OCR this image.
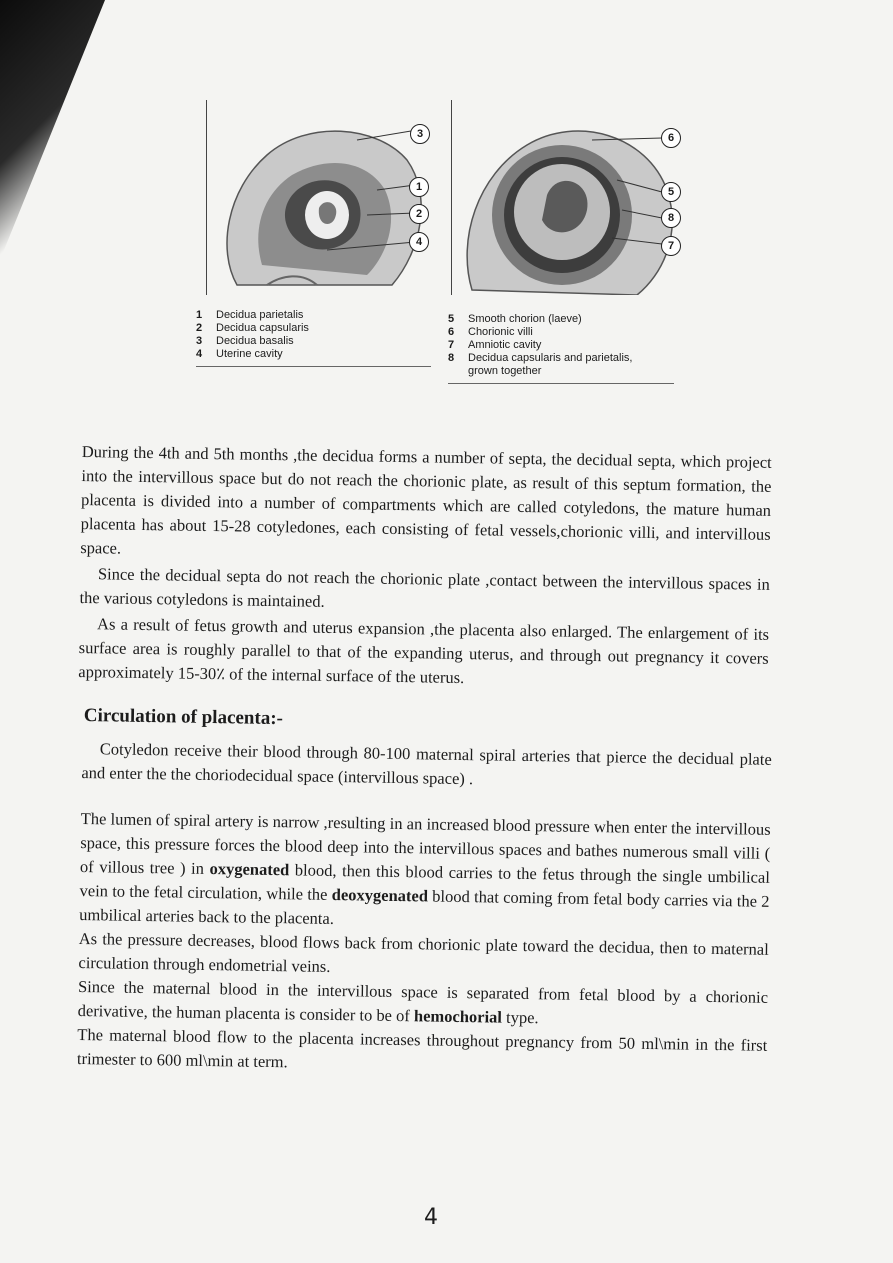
3
1
2
4
6
5
8
7
1	Decidua parietalis
2	Decidua capsularis
3	Decidua basalis
4	Uterine cavity
5	Smooth chorion (laeve)
6	Chorionic villi
7	Amniotic cavity
8	Decidua capsularis and parietalis,
grown together

During the 4th and 5th months ,the decidua forms a number of septa, the decidual septa, which project into the intervillous space but do not reach the chorionic plate, as result of this septum formation, the placenta is divided into a number of compartments which are called cotyledons, the mature human placenta has about 15-28 cotyledones, each consisting of fetal vessels,chorionic villi, and intervillous space.

Since the decidual septa do not reach the chorionic plate ,contact between the intervillous spaces in the various cotyledons is maintained.

As a result of fetus growth and uterus expansion ,the placenta also enlarged. The enlargement of its surface area is roughly parallel to that of the expanding uterus, and through out pregnancy it covers approximately 15-30٪ of the internal surface of the uterus.

Circulation of placenta:-

Cotyledon receive their blood through 80-100 maternal spiral arteries that pierce the decidual plate and enter the the choriodecidual space (intervillous space) .

The lumen of spiral artery is narrow ,resulting in an increased blood pressure when enter the intervillous space, this pressure forces the blood deep into the intervillous spaces and bathes numerous small villi ( of villous tree ) in oxygenated blood, then this blood carries to the fetus through the single umbilical vein to the fetal circulation, while the deoxygenated blood that coming from fetal body carries via the 2 umbilical arteries back to the placenta.

As the pressure decreases, blood flows back from chorionic plate toward the decidua, then to maternal circulation through endometrial veins.

Since the maternal blood in the intervillous space is separated from fetal blood by a chorionic derivative, the human placenta is consider to be of hemochorial type.

The maternal blood flow to the placenta increases throughout pregnancy from 50 ml\min in the first trimester to 600 ml\min at term.

4
